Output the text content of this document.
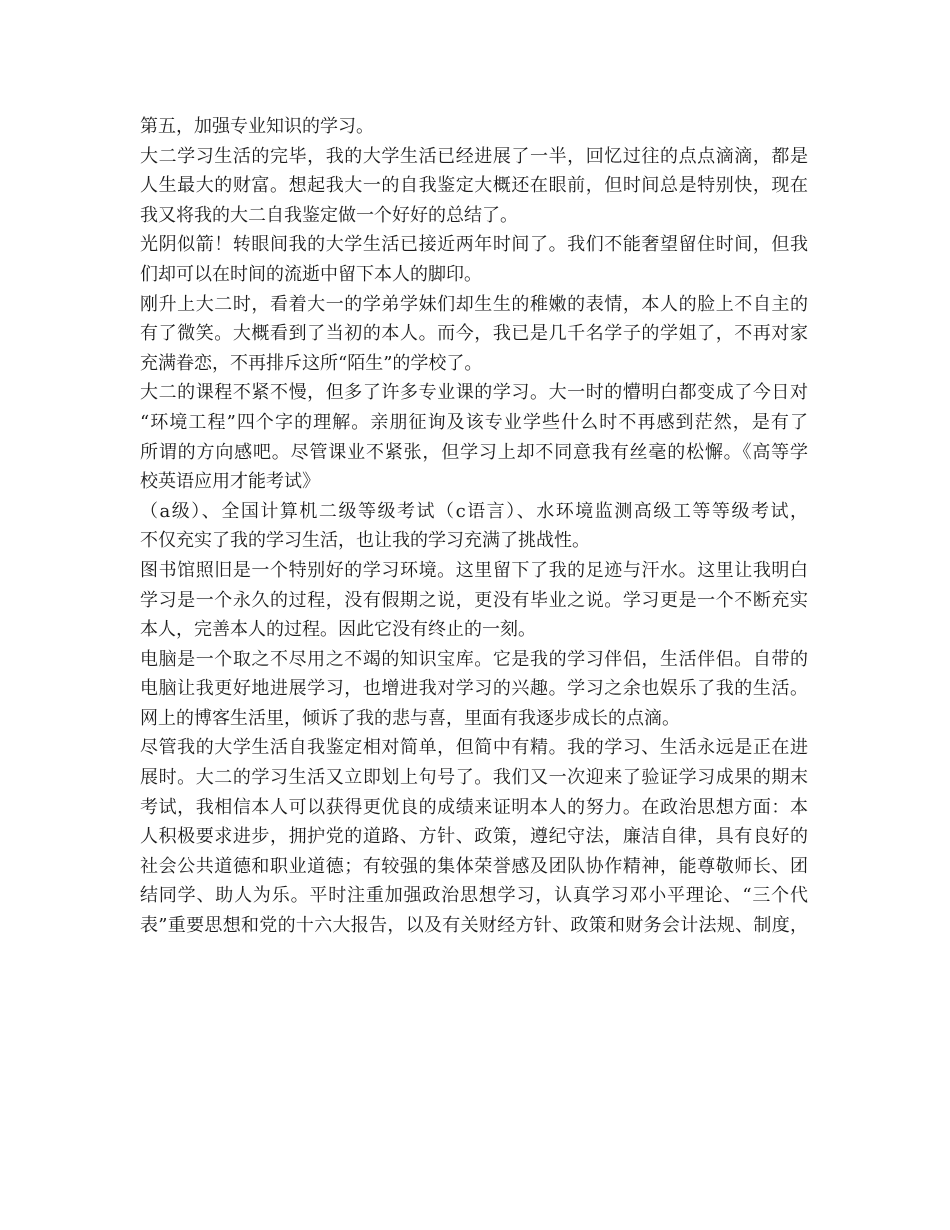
第五，加强专业知识的学习。
大二学习生活的完毕，我的大学生活已经进展了一半，回忆过往的点点滴滴，都是
人生最大的财富。想起我大一的自我鉴定大概还在眼前，但时间总是特别快，现在
我又将我的大二自我鉴定做一个好好的总结了。
光阴似箭！转眼间我的大学生活已接近两年时间了。我们不能奢望留住时间，但我
们却可以在时间的流逝中留下本人的脚印。
刚升上大二时，看着大一的学弟学妹们却生生的稚嫩的表情，本人的脸上不自主的
有了微笑。大概看到了当初的本人。而今，我已是几千名学子的学姐了，不再对家
充满眷恋，不再排斥这所“陌生”的学校了。
大二的课程不紧不慢，但多了许多专业课的学习。大一时的懵明白都变成了今日对
“环境工程”四个字的理解。亲朋征询及该专业学些什么时不再感到茫然，是有了
所谓的方向感吧。尽管课业不紧张，但学习上却不同意我有丝毫的松懈。《高等学
校英语应用才能考试》
（a级）、全国计算机二级等级考试（c语言）、水环境监测高级工等等级考试，
不仅充实了我的学习生活，也让我的学习充满了挑战性。
图书馆照旧是一个特别好的学习环境。这里留下了我的足迹与汗水。这里让我明白
学习是一个永久的过程，没有假期之说，更没有毕业之说。学习更是一个不断充实
本人，完善本人的过程。因此它没有终止的一刻。
电脑是一个取之不尽用之不竭的知识宝库。它是我的学习伴侣，生活伴侣。自带的
电脑让我更好地进展学习，也增进我对学习的兴趣。学习之余也娱乐了我的生活。
网上的博客生活里，倾诉了我的悲与喜，里面有我逐步成长的点滴。
尽管我的大学生活自我鉴定相对简单，但简中有精。我的学习、生活永远是正在进
展时。大二的学习生活又立即划上句号了。我们又一次迎来了验证学习成果的期末
考试，我相信本人可以获得更优良的成绩来证明本人的努力。在政治思想方面：本
人积极要求进步，拥护党的道路、方针、政策，遵纪守法，廉洁自律，具有良好的
社会公共道德和职业道德；有较强的集体荣誉感及团队协作精神，能尊敬师长、团
结同学、助人为乐。平时注重加强政治思想学习，认真学习邓小平理论、“三个代
表”重要思想和党的十六大报告，以及有关财经方针、政策和财务会计法规、制度，
